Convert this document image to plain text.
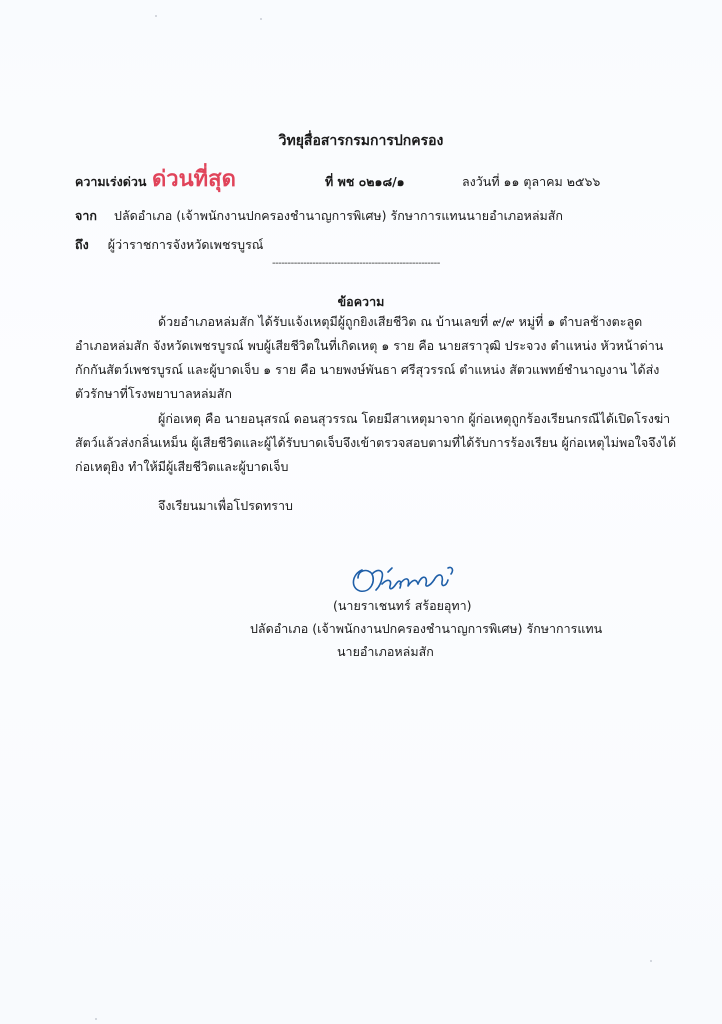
วิทยุสื่อสารกรมการปกครอง
ความเร่งด่วน ด่วนที่สุด	ที่ พช ๐๒๑๘/๑	ลงวันที่ ๑๑ ตุลาคม ๒๕๖๖
จาก ปลัดอำเภอ (เจ้าพนักงานปกครองชำนาญการพิเศษ) รักษาการแทนนายอำเภอหล่มสัก
ถึง ผู้ว่าราชการจังหวัดเพชรบูรณ์
------------------------------------------------------
ข้อความ
ด้วยอำเภอหล่มสัก ได้รับแจ้งเหตุมีผู้ถูกยิงเสียชีวิต ณ บ้านเลขที่ ๙/๙ หมู่ที่ ๑ ตำบลช้างตะลูด
อำเภอหล่มสัก จังหวัดเพชรบูรณ์ พบผู้เสียชีวิตในที่เกิดเหตุ ๑ ราย คือ นายสราวุฒิ ประจวง ตำแหน่ง หัวหน้าด่าน
กักกันสัตว์เพชรบูรณ์ และผู้บาดเจ็บ ๑ ราย คือ นายพงษ์พันธา ศรีสุวรรณ์ ตำแหน่ง สัตวแพทย์ชำนาญงาน ได้ส่ง
ตัวรักษาที่โรงพยาบาลหล่มสัก
ผู้ก่อเหตุ คือ นายอนุสรณ์ ดอนสุวรรณ โดยมีสาเหตุมาจาก ผู้ก่อเหตุถูกร้องเรียนกรณีได้เปิดโรงฆ่า
สัตว์แล้วส่งกลิ่นเหม็น ผู้เสียชีวิตและผู้ได้รับบาดเจ็บจึงเข้าตรวจสอบตามที่ได้รับการร้องเรียน ผู้ก่อเหตุไม่พอใจจึงได้
ก่อเหตุยิง ทำให้มีผู้เสียชีวิตและผู้บาดเจ็บ
จึงเรียนมาเพื่อโปรดทราบ
(นายราเชนทร์ สร้อยอุทา)
ปลัดอำเภอ (เจ้าพนักงานปกครองชำนาญการพิเศษ) รักษาการแทน
นายอำเภอหล่มสัก
